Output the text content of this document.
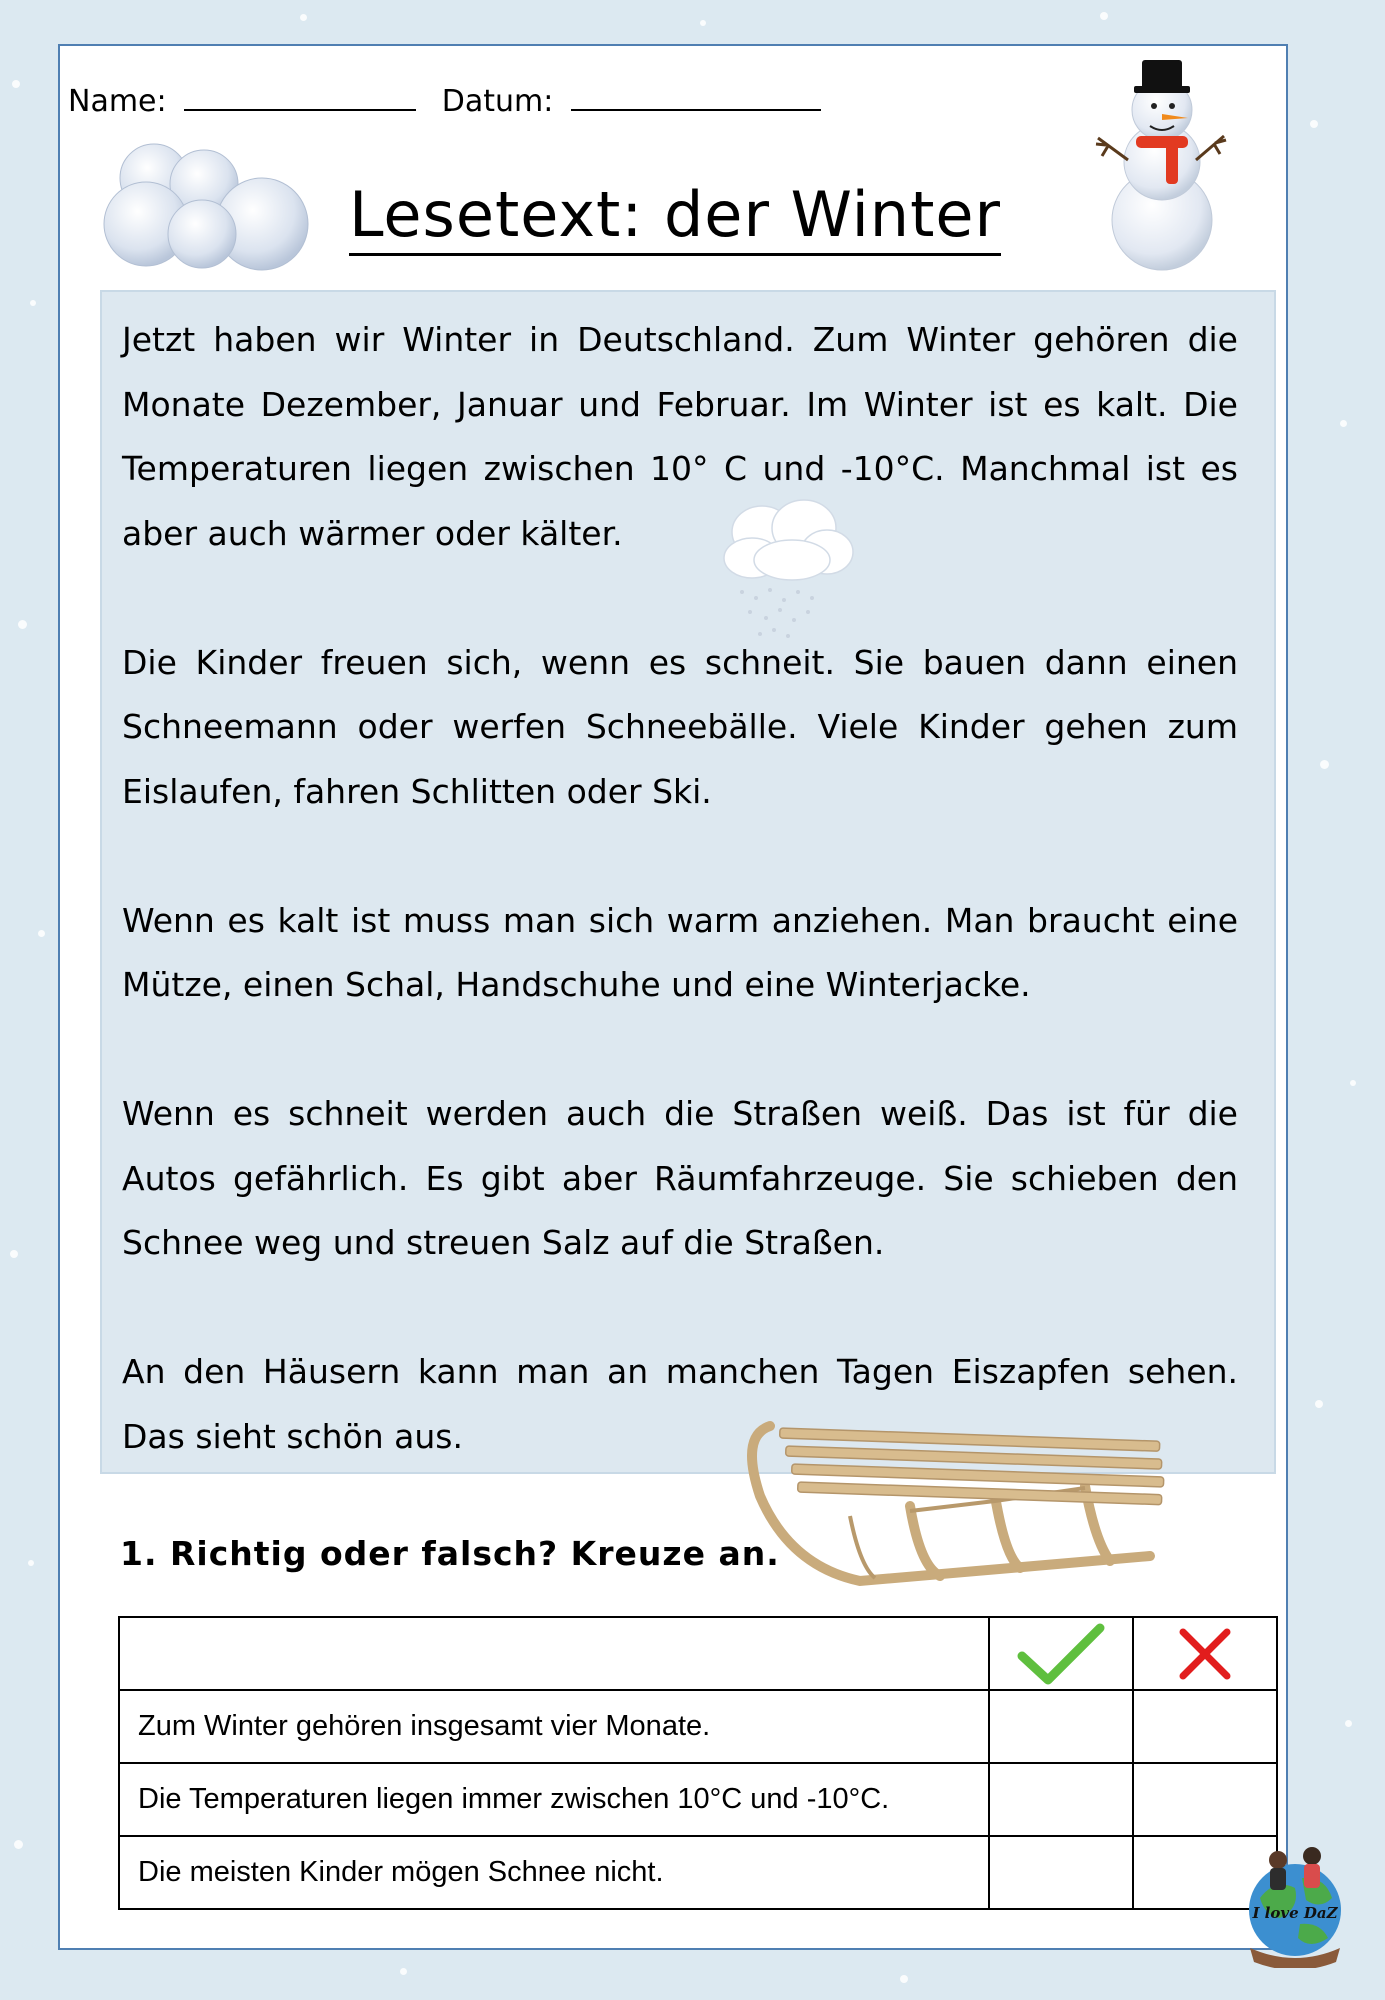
Name:	Datum:
Lesetext: der Winter

Jetzt haben wir Winter in Deutschland. Zum Winter gehören die Monate Dezember, Januar und Februar. Im Winter ist es kalt. Die Temperaturen liegen zwischen 10° C und -10°C. Manchmal ist es aber auch wärmer oder kälter.

Die Kinder freuen sich, wenn es schneit. Sie bauen dann einen Schneemann oder werfen Schneebälle. Viele Kinder gehen zum Eislaufen, fahren Schlitten oder Ski.

Wenn es kalt ist muss man sich warm anziehen. Man braucht eine Mütze, einen Schal, Handschuhe und eine Winterjacke.

Wenn es schneit werden auch die Straßen weiß. Das ist für die Autos gefährlich. Es gibt aber Räumfahrzeuge. Sie schieben den Schnee weg und streuen Salz auf die Straßen.

An den Häusern kann man an manchen Tagen Eiszapfen sehen. Das sieht schön aus.

1. Richtig oder falsch? Kreuze an.

Zum Winter gehören insgesamt vier Monate.		
Die Temperaturen liegen immer zwischen 10°C und -10°C.		
Die meisten Kinder mögen Schnee nicht.		
I love DaZ
